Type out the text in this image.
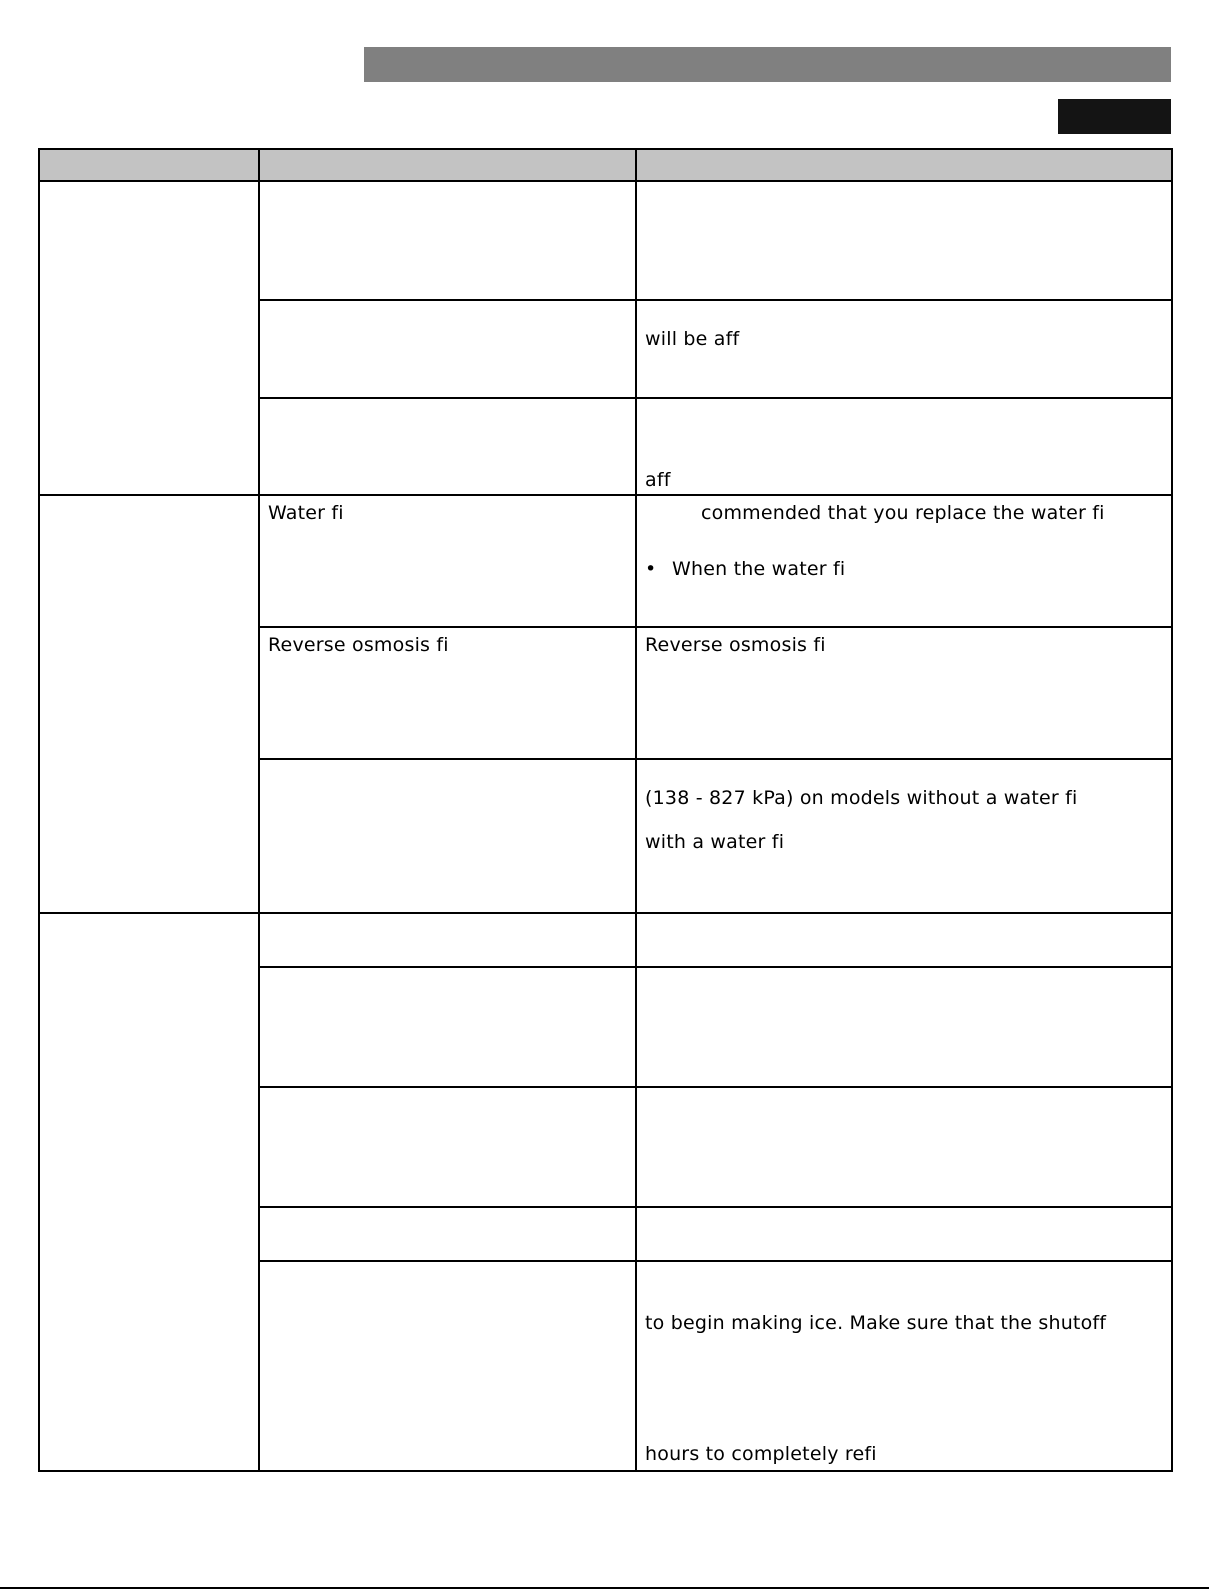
will be aff
aff
Water fi	commended that you replace the water fi
• When the water fi
Reverse osmosis fi	Reverse osmosis fi
(138 - 827 kPa) on models without a water fi
with a water fi
to begin making ice. Make sure that the shutoff
hours to completely refi
